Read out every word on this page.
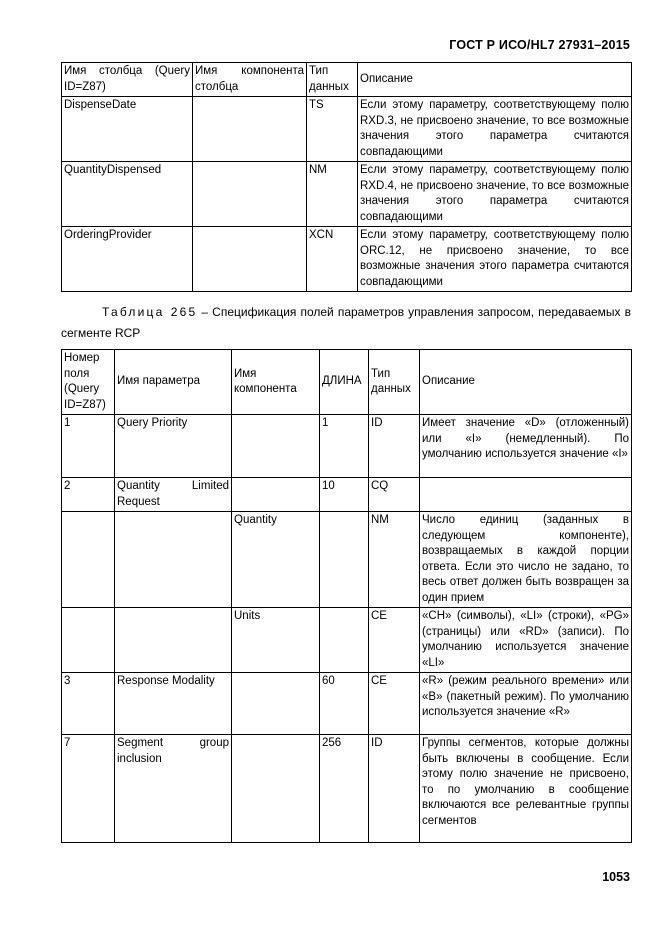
ГОСТ Р ИСО/HL7 27931–2015
Имя столбца (Query ID=Z87)	Имя компонента столбца	Тип данных	Описание
DispenseDate		TS	Если этому параметру, соответствующему полю RXD.3, не присвоено значение, то все возможные значения этого параметра считаются совпадающими
QuantityDispensed		NM	Если этому параметру, соответствующему полю RXD.4, не присвоено значение, то все возможные значения этого параметра считаются совпадающими
OrderingProvider		XCN	Если этому параметру, соответствующему полю ORC.12, не присвоено значение, то все возможные значения этого параметра считаются совпадающими
Таблица 265 – Спецификация полей параметров управления запросом, передаваемых в сегменте RCP
Номер поля (Query ID=Z87)	Имя параметра	Имя компонента	ДЛИНА	Тип данных	Описание
1	Query Priority		1	ID	Имеет значение «D» (отложенный) или «I» (немедленный). По умолчанию используется значение «I»
2	Quantity Limited Request		10	CQ	
		Quantity		NM	Число единиц (заданных в следующем компоненте), возвращаемых в каждой порции ответа. Если это число не задано, то весь ответ должен быть возвращен за один прием
		Units		CE	«CH» (символы), «LI» (строки), «PG» (страницы) или «RD» (записи). По умолчанию используется значение «LI»
3	Response Modality		60	CE	«R» (режим реального времени» или «B» (пакетный режим). По умолчанию используется значение «R»
7	Segment group inclusion		256	ID	Группы сегментов, которые должны быть включены в сообщение. Если этому полю значение не присвоено, то по умолчанию в сообщение включаются все релевантные группы сегментов
1053
